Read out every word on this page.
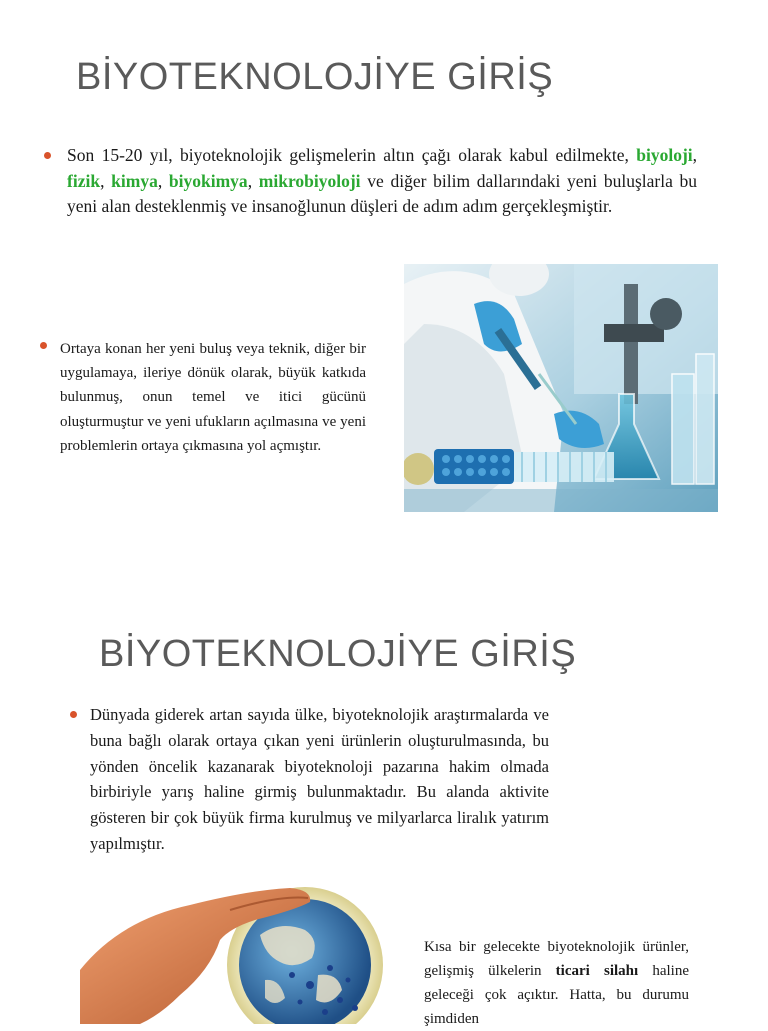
BİYOTEKNOLOJİYE GİRİŞ

Son 15-20 yıl, biyoteknolojik gelişmelerin altın çağı olarak kabul edilmekte, biyoloji, fizik, kimya, biyokimya, mikrobiyoloji ve diğer bilim dallarındaki yeni buluşlarla bu yeni alan desteklenmiş ve insanoğlunun düşleri de adım adım gerçekleşmiştir.

Ortaya konan her yeni buluş veya teknik, diğer bir uygulamaya, ileriye dönük olarak, büyük katkıda bulunmuş, onun temel ve itici gücünü oluşturmuştur ve yeni ufukların açılmasına ve yeni problemlerin ortaya çıkmasına yol açmıştır.

BİYOTEKNOLOJİYE GİRİŞ

Dünyada giderek artan sayıda ülke, biyoteknolojik araştırmalarda ve buna bağlı olarak ortaya çıkan yeni ürünlerin oluşturulmasında, bu yönden öncelik kazanarak biyoteknoloji pazarına hakim olmada birbiriyle yarış haline girmiş bulunmaktadır. Bu alanda aktivite gösteren bir çok büyük firma kurulmuş ve milyarlarca liralık yatırım yapılmıştır.

Kısa bir gelecekte biyoteknolojik ürünler, gelişmiş ülkelerin ticari silahı haline geleceği çok açıktır. Hatta, bu durumu şimdiden
